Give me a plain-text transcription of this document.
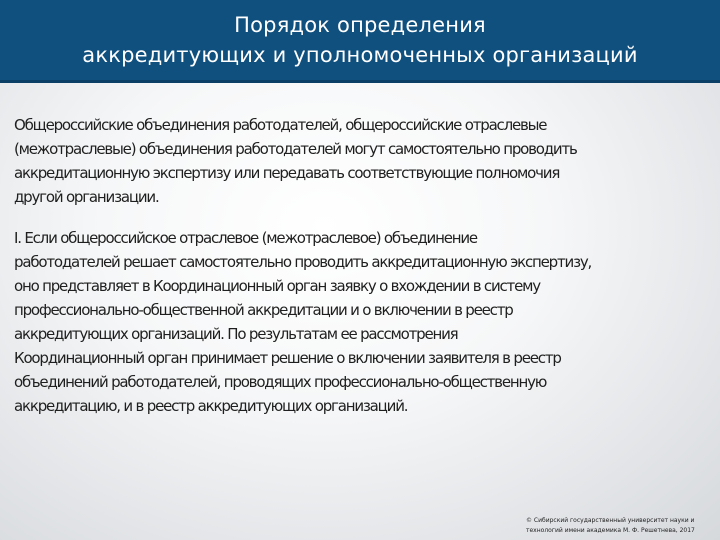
Порядок определения
аккредитующих и уполномоченных организаций

Общероссийские объединения работодателей, общероссийские отраслевые
(межотраслевые) объединения работодателей могут самостоятельно проводить
аккредитационную экспертизу или передавать соответствующие полномочия
другой организации.

I. Если общероссийское отраслевое (межотраслевое) объединение
работодателей решает самостоятельно проводить аккредитационную экспертизу,
оно представляет в Координационный орган заявку о вхождении в систему
профессионально-общественной аккредитации и о включении в реестр
аккредитующих организаций. По результатам ее рассмотрения
Координационный орган принимает решение о включении заявителя в реестр
объединений работодателей, проводящих профессионально-общественную
аккредитацию, и в реестр аккредитующих организаций.

© Сибирский государственный университет науки и
технологий имени академика М. Ф. Решетнева, 2017
